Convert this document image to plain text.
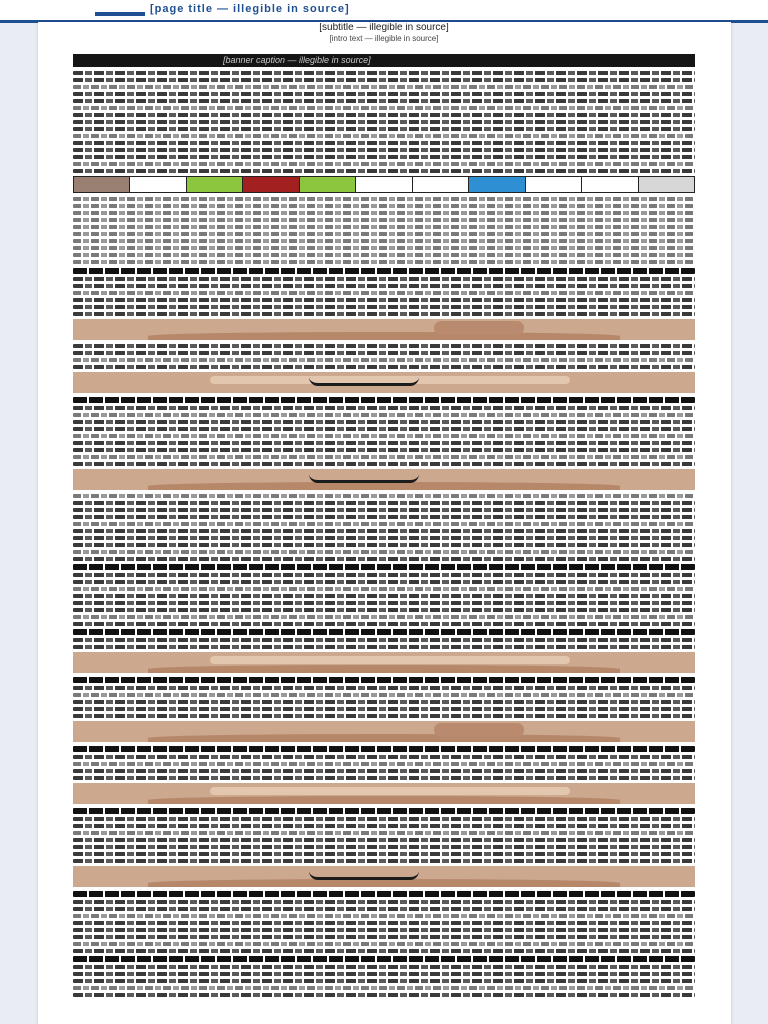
[page title — illegible in source]
[subtitle — illegible in source]
[intro text — illegible in source]
[banner caption — illegible in source]
